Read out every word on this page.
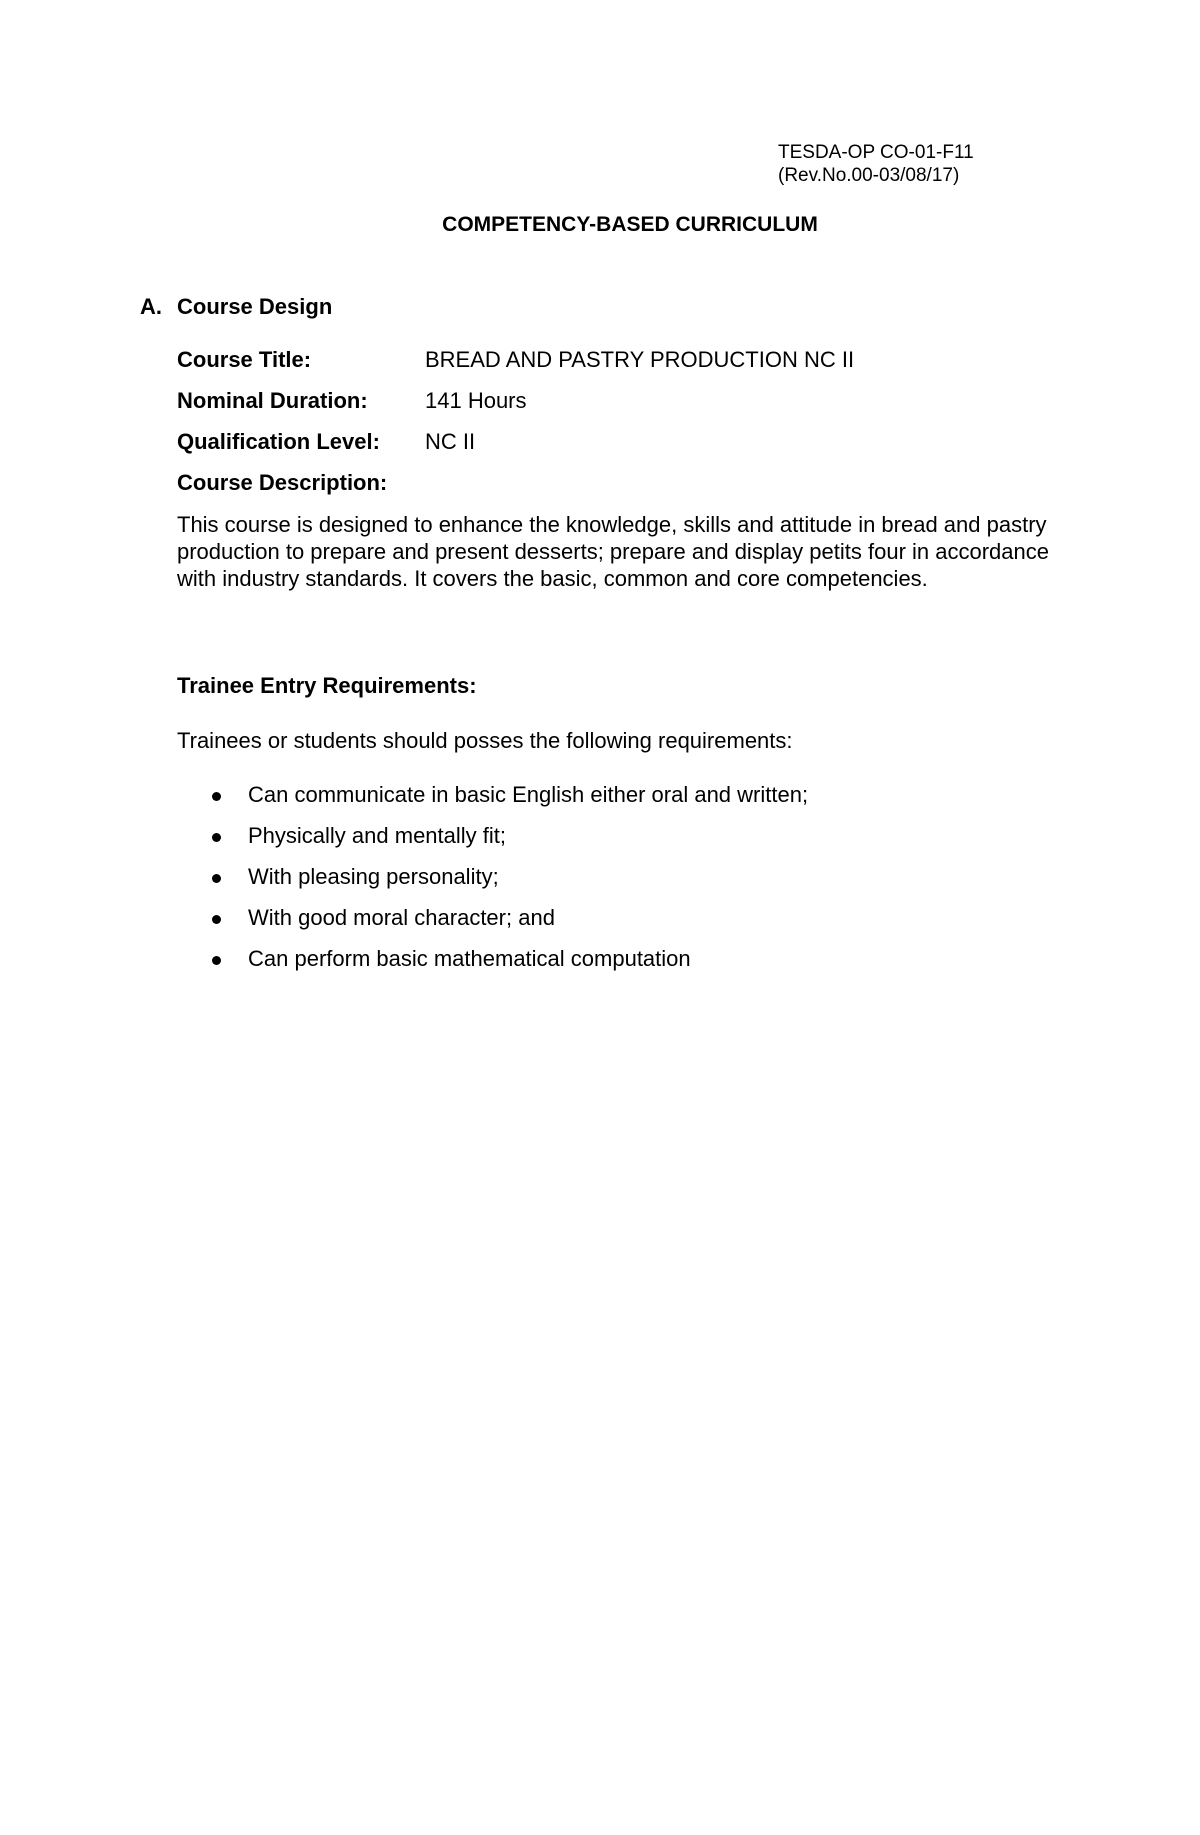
TESDA-OP CO-01-F11
(Rev.No.00-03/08/17)
COMPETENCY-BASED CURRICULUM
A. Course Design
Course Title:	BREAD AND PASTRY PRODUCTION NC II
Nominal Duration:	141 Hours
Qualification Level: NC II
Course Description:
This course is designed to enhance the knowledge, skills and attitude in bread and pastry production to prepare and present desserts; prepare and display petits four in accordance with industry standards. It covers the basic, common and core competencies.
Trainee Entry Requirements:
Trainees or students should posses the following requirements:
Can communicate in basic English either oral and written;
Physically and mentally fit;
With pleasing personality;
With good moral character; and
Can perform basic mathematical computation
